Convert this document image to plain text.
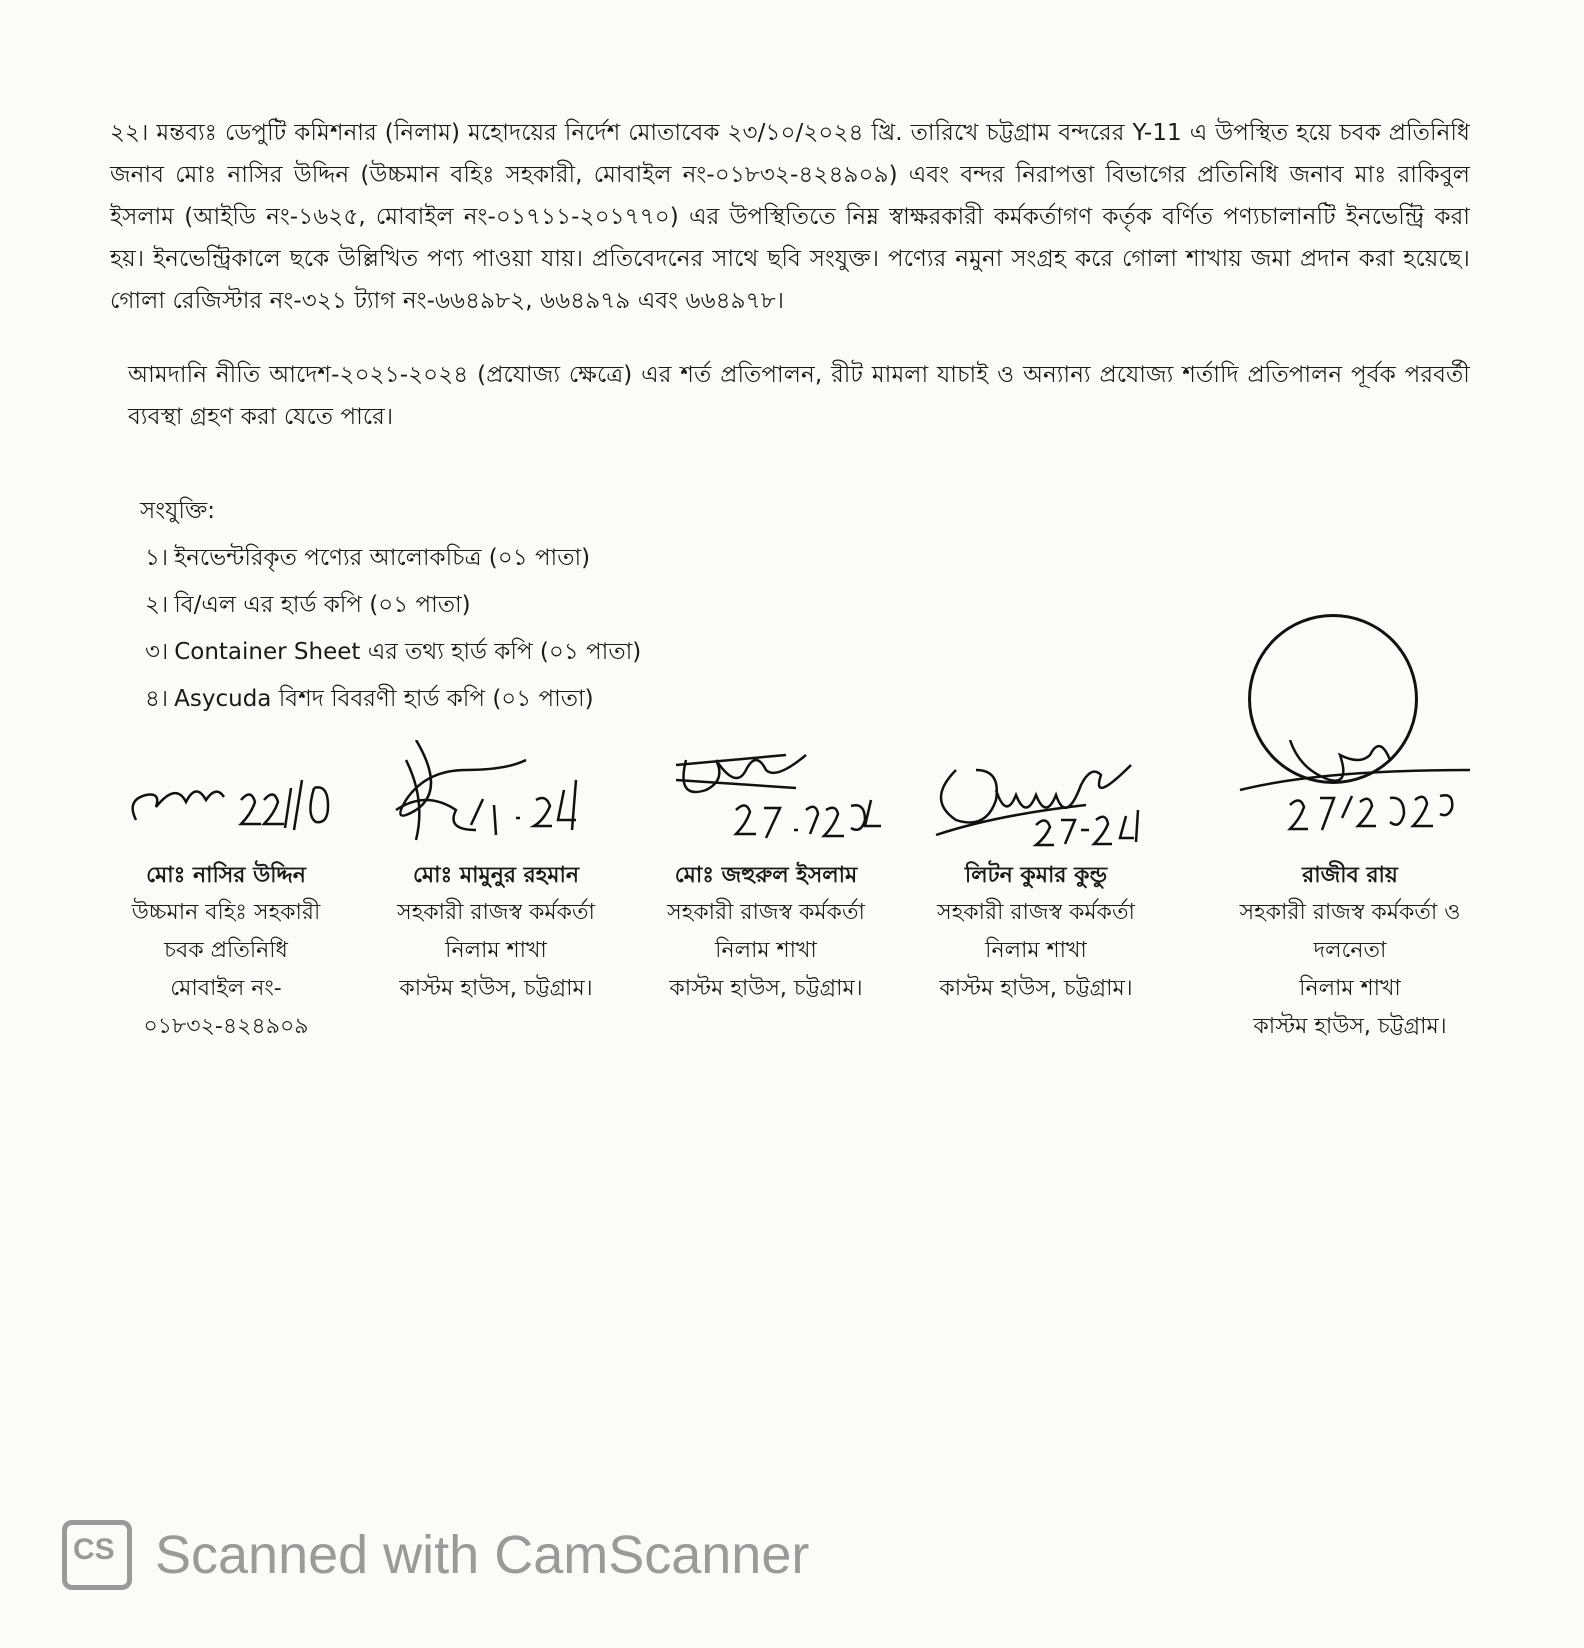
২২। মন্তব্যঃ ডেপুটি কমিশনার (নিলাম) মহোদয়ের নির্দেশ মোতাবেক ২৩/১০/২০২৪ খ্রি. তারিখে চট্টগ্রাম বন্দরের Y-11 এ উপস্থিত হয়ে চবক প্রতিনিধি জনাব মোঃ নাসির উদ্দিন (উচ্চমান বহিঃ সহকারী, মোবাইল নং-০১৮৩২-৪২৪৯০৯) এবং বন্দর নিরাপত্তা বিভাগের প্রতিনিধি জনাব মাঃ রাকিবুল ইসলাম (আইডি নং-১৬২৫, মোবাইল নং-০১৭১১-২০১৭৭০) এর উপস্থিতিতে নিম্ন স্বাক্ষরকারী কর্মকর্তাগণ কর্তৃক বর্ণিত পণ্যচালানটি ইনভেন্ট্রি করা হয়। ইনভেন্ট্রিকালে ছকে উল্লিখিত পণ্য পাওয়া যায়। প্রতিবেদনের সাথে ছবি সংযুক্ত। পণ্যের নমুনা সংগ্রহ করে গোলা শাখায় জমা প্রদান করা হয়েছে। গোলা রেজিস্টার নং-৩২১ ট্যাগ নং-৬৬৪৯৮২, ৬৬৪৯৭৯ এবং ৬৬৪৯৭৮।
আমদানি নীতি আদেশ-২০২১-২০২৪ (প্রযোজ্য ক্ষেত্রে) এর শর্ত প্রতিপালন, রীট মামলা যাচাই ও অন্যান্য প্রযোজ্য শর্তাদি প্রতিপালন পূর্বক পরবর্তী ব্যবস্থা গ্রহণ করা যেতে পারে।
সংযুক্তি:
১। ইনভেন্টরিকৃত পণ্যের আলোকচিত্র (০১ পাতা)
২। বি/এল এর হার্ড কপি (০১ পাতা)
৩। Container Sheet এর তথ্য হার্ড কপি (০১ পাতা)
৪। Asycuda বিশদ বিবরণী হার্ড কপি (০১ পাতা)
মোঃ নাসির উদ্দিন
উচ্চমান বহিঃ সহকারী
চবক প্রতিনিধি
মোবাইল নং-
০১৮৩২-৪২৪৯০৯
মোঃ মামুনুর রহমান
সহকারী রাজস্ব কর্মকর্তা
নিলাম শাখা
কাস্টম হাউস, চট্টগ্রাম।
মোঃ জহুরুল ইসলাম
সহকারী রাজস্ব কর্মকর্তা
নিলাম শাখা
কাস্টম হাউস, চট্টগ্রাম।
লিটন কুমার কুন্ডু
সহকারী রাজস্ব কর্মকর্তা
নিলাম শাখা
কাস্টম হাউস, চট্টগ্রাম।
রাজীব রায়
সহকারী রাজস্ব কর্মকর্তা ও
দলনেতা
নিলাম শাখা
কাস্টম হাউস, চট্টগ্রাম।
CS Scanned with CamScanner
